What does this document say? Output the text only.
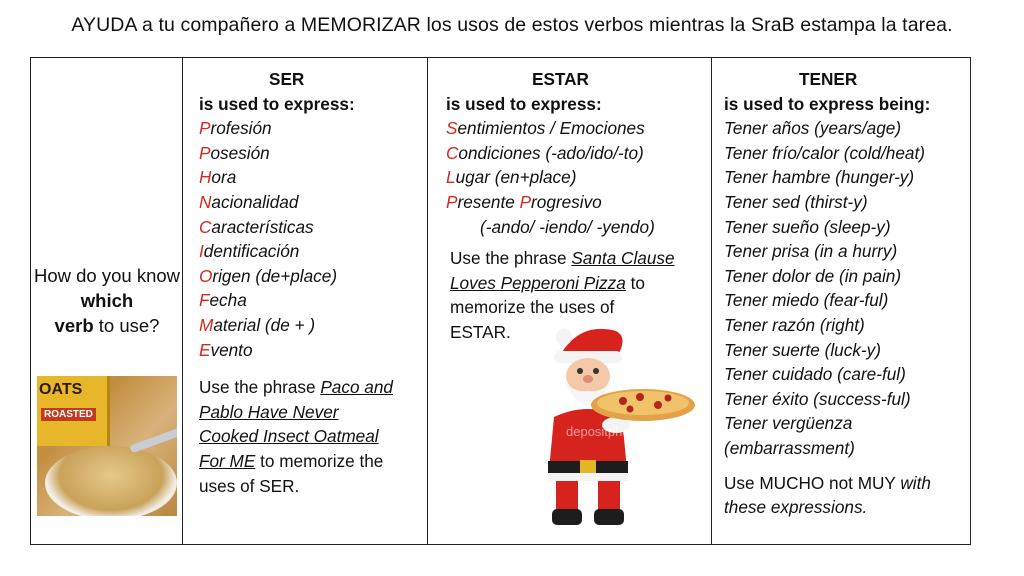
AYUDA a tu compañero a MEMORIZAR los usos de estos verbos mientras la SraB estampa la tarea.
How do you know which
verb to use?
OATS
ROASTED
SER
is used to express:
Profesión
Posesión
Hora
Nacionalidad
Características
Identificación
Origen (de+place)
Fecha
Material (de + )
Evento
Use the phrase Paco and
Pablo Have Never
Cooked Insect Oatmeal
For ME to memorize the
uses of SER.
ESTAR
is used to express:
Sentimientos / Emociones
Condiciones (-ado/ido/-to)
Lugar (en+place)
Presente Progresivo
(-ando/ -iendo/ -yendo)
Use the phrase Santa Clause
Loves Pepperoni Pizza to
memorize the uses of
ESTAR.
depositphotos
TENER
is used to express being:
Tener años (years/age)
Tener frío/calor (cold/heat)
Tener hambre (hunger-y)
Tener sed (thirst-y)
Tener sueño (sleep-y)
Tener prisa (in a hurry)
Tener dolor de (in pain)
Tener miedo (fear-ful)
Tener razón (right)
Tener suerte (luck-y)
Tener cuidado (care-ful)
Tener éxito (success-ful)
Tener vergüenza
(embarrassment)
Use MUCHO not MUY with
these expressions.
